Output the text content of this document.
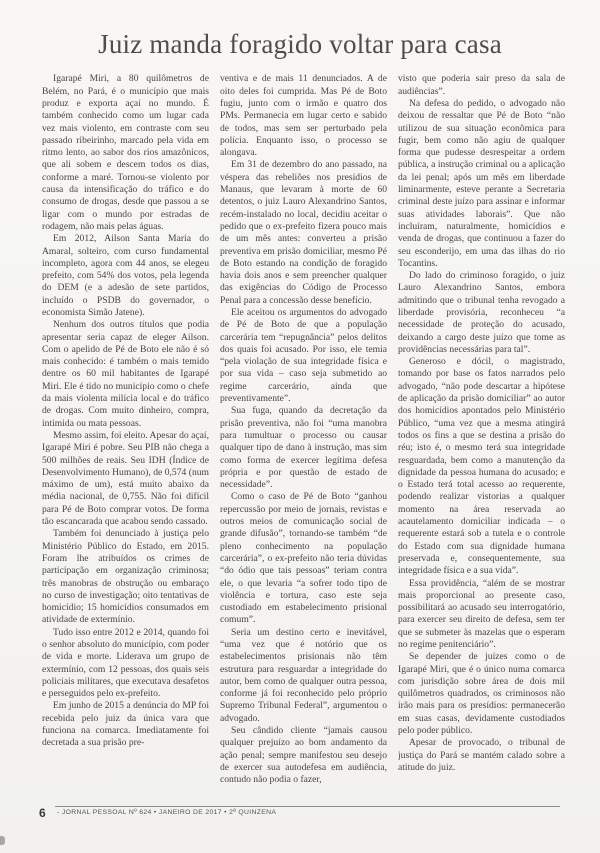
Juiz manda foragido voltar para casa

Igarapé Miri, a 80 quilômetros de Belém, no Pará, é o município que mais produz e exporta açaí no mundo. É também conhecido como um lugar cada vez mais violento, em contraste com seu passado ribeirinho, marcado pela vida em ritmo lento, ao sabor dos rios amazônicos, que ali sobem e descem todos os dias, conforme a maré. Tornou-se violento por causa da intensificação do tráfico e do consumo de drogas, desde que passou a se ligar com o mundo por estradas de rodagem, não mais pelas águas.

Em 2012, Ailson Santa Maria do Amaral, solteiro, com curso fundamental incompleto, agora com 44 anos, se elegeu prefeito, com 54% dos votos, pela legenda do DEM (e a adesão de sete partidos, incluído o PSDB do governador, o economista Simão Jatene).

Nenhum dos outros títulos que podia apresentar seria capaz de eleger Ailson. Com o apelido de Pé de Boto ele não é só mais conhecido: é também o mais temido dentre os 60 mil habitantes de Igarapé Miri. Ele é tido no município como o chefe da mais violenta milícia local e do tráfico de drogas. Com muito dinheiro, compra, intimida ou mata pessoas.

Mesmo assim, foi eleito. Apesar do açaí, Igarapé Miri é pobre. Seu PIB não chega a 500 milhões de reais. Seu IDH (Índice de Desenvolvimento Humano), de 0,574 (num máximo de um), está muito abaixo da média nacional, de 0,755. Não foi difícil para Pé de Boto comprar votos. De forma tão escancarada que acabou sendo cassado.

Também foi denunciado à justiça pelo Ministério Público do Estado, em 2015. Foram lhe atribuídos os crimes de participação em organização criminosa; três manobras de obstrução ou embaraço no curso de investigação; oito tentativas de homicídio; 15 homicídios consumados em atividade de extermínio.

Tudo isso entre 2012 e 2014, quando foi o senhor absoluto do município, com poder de vida e morte. Liderava um grupo de extermínio, com 12 pessoas, dos quais seis policiais militares, que executava desafetos e perseguidos pelo ex-prefeito.

Em junho de 2015 a denúncia do MP foi recebida pelo juiz da única vara que funciona na comarca. Imediatamente foi decretada a sua prisão pre-

ventiva e de mais 11 denunciados. A de oito deles foi cumprida. Mas Pé de Boto fugiu, junto com o irmão e quatro dos PMs. Permanecia em lugar certo e sabido de todos, mas sem ser perturbado pela polícia. Enquanto isso, o processo se alongava.

Em 31 de dezembro do ano passado, na véspera das rebeliões nos presídios de Manaus, que levaram à morte de 60 detentos, o juiz Lauro Alexandrino Santos, recém-instalado no local, decidiu aceitar o pedido que o ex-prefeito fizera pouco mais de um mês antes: converteu a prisão preventiva em prisão domiciliar, mesmo Pé de Boto estando na condição de foragido havia dois anos e sem preencher qualquer das exigências do Código de Processo Penal para a concessão desse benefício.

Ele aceitou os argumentos do advogado de Pé de Boto de que a população carcerária tem “repugnância” pelos delitos dos quais foi acusado. Por isso, ele temia “pela violação de sua integridade física e por sua vida – caso seja submetido ao regime carcerário, ainda que preventivamente”.

Sua fuga, quando da decretação da prisão preventiva, não foi “uma manobra para tumultuar o processo ou causar qualquer tipo de dano à instrução, mas sim como forma de exercer legítima defesa própria e por questão de estado de necessidade”.

Como o caso de Pé de Boto “ganhou repercussão por meio de jornais, revistas e outros meios de comunicação social de grande difusão”, tornando-se também “de pleno conhecimento na população carcerária”, o ex-prefeito não teria dúvidas “do ódio que tais pessoas” teriam contra ele, o que levaria “a sofrer todo tipo de violência e tortura, caso este seja custodiado em estabelecimento prisional comum”.

Seria um destino certo e inevitável, “uma vez que é notório que os estabelecimentos prisionais não têm estrutura para resguardar a integridade do autor, bem como de qualquer outra pessoa, conforme já foi reconhecido pelo próprio Supremo Tribunal Federal”, argumentou o advogado.

Seu cândido cliente “jamais causou qualquer prejuízo ao bom andamento da ação penal; sempre manifestou seu desejo de exercer sua autodefesa em audiência, contudo não podia o fazer,

visto que poderia sair preso da sala de audiências”.

Na defesa do pedido, o advogado não deixou de ressaltar que Pé de Boto “não utilizou de sua situação econômica para fugir, bem como não agiu de qualquer forma que pudesse desrespeitar a ordem pública, a instrução criminal ou a aplicação da lei penal; após um mês em liberdade liminarmente, esteve perante a Secretaria criminal deste juízo para assinar e informar suas atividades laborais”. Que não incluíram, naturalmente, homicídios e venda de drogas, que continuou a fazer do seu esconderijo, em uma das ilhas do rio Tocantins.

Do lado do criminoso foragido, o juiz Lauro Alexandrino Santos, embora admitindo que o tribunal tenha revogado a liberdade provisória, reconheceu “a necessidade de proteção do acusado, deixando a cargo deste juízo que tome as providências necessárias para tal”.

Generoso e dócil, o magistrado, tomando por base os fatos narrados pelo advogado, “não pode descartar a hipótese de aplicação da prisão domiciliar” ao autor dos homicídios apontados pelo Ministério Público, “uma vez que a mesma atingirá todos os fins a que se destina a prisão do réu; isto é, o mesmo terá sua integridade resguardada, bem como a manutenção da dignidade da pessoa humana do acusado; e o Estado terá total acesso ao requerente, podendo realizar vistorias a qualquer momento na área reservada ao acautelamento domiciliar indicada – o requerente estará sob a tutela e o controle do Estado com sua dignidade humana preservada e, consequentemente, sua integridade física e a sua vida”.

Essa providência, “além de se mostrar mais proporcional ao presente caso, possibilitará ao acusado seu interrogatório, para exercer seu direito de defesa, sem ter que se submeter às mazelas que o esperam no regime penitenciário”.

Se depender de juízes como o de Igarapé Miri, que é o único numa comarca com jurisdição sobre área de dois mil quilômetros quadrados, os criminosos não irão mais para os presídios: permanecerão em suas casas, devidamente custodiados pelo poder público.

Apesar de provocado, o tribunal de justiça do Pará se mantém calado sobre a atitude do juiz.

6 - JORNAL PESSOAL Nº 624 • JANEIRO DE 2017 • 2ª QUINZENA
